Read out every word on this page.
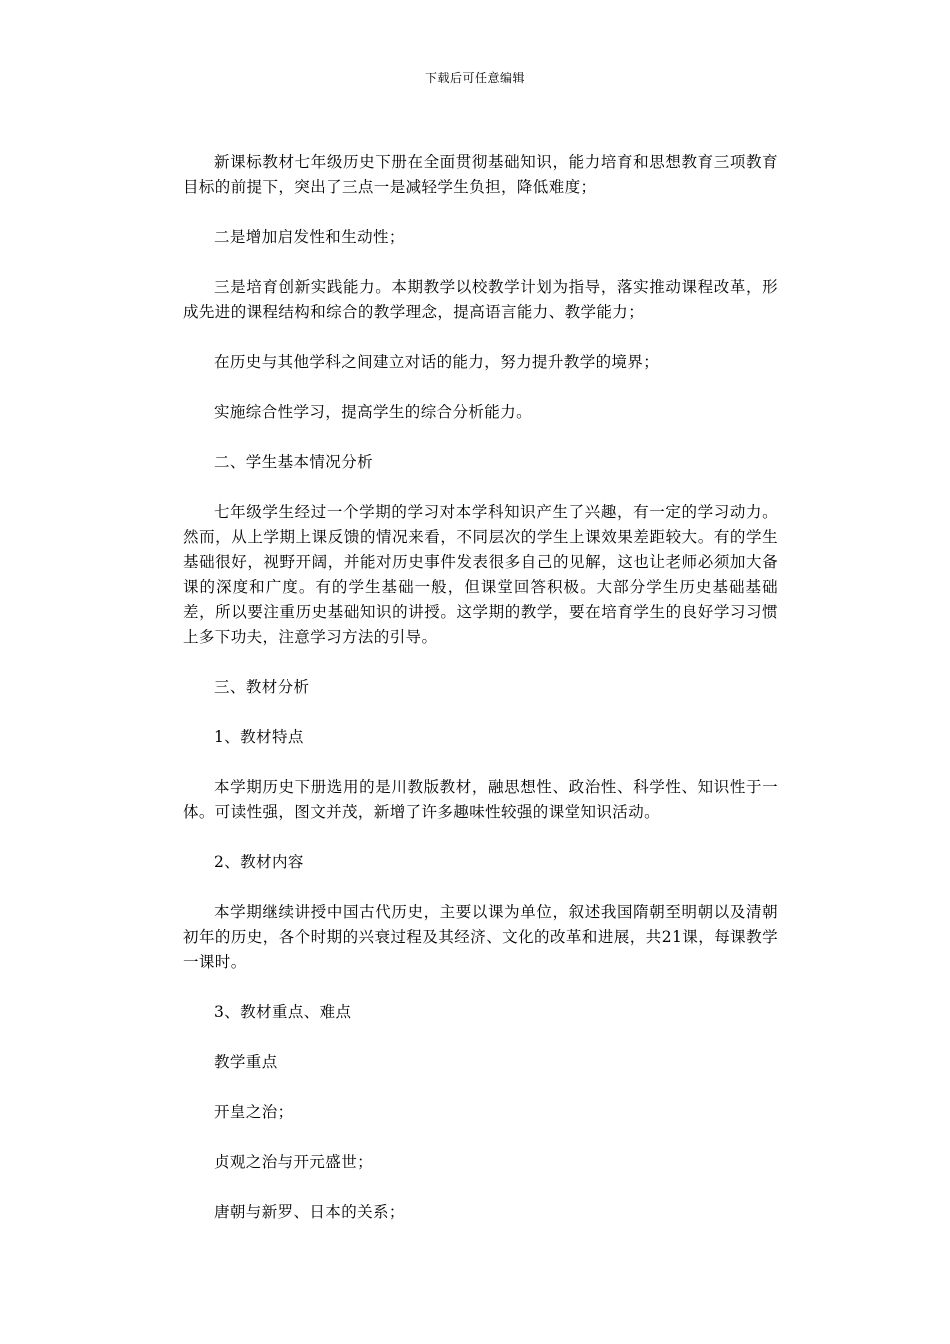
下载后可任意编辑

新课标教材七年级历史下册在全面贯彻基础知识，能力培育和思想教育三项教育目标的前提下，突出了三点一是减轻学生负担，降低难度；

二是增加启发性和生动性；

三是培育创新实践能力。本期教学以校教学计划为指导，落实推动课程改革，形成先进的课程结构和综合的教学理念，提高语言能力、教学能力；

在历史与其他学科之间建立对话的能力，努力提升教学的境界；

实施综合性学习，提高学生的综合分析能力。

二、学生基本情况分析

七年级学生经过一个学期的学习对本学科知识产生了兴趣，有一定的学习动力。然而，从上学期上课反馈的情况来看，不同层次的学生上课效果差距较大。有的学生基础很好，视野开阔，并能对历史事件发表很多自己的见解，这也让老师必须加大备课的深度和广度。有的学生基础一般，但课堂回答积极。大部分学生历史基础基础差，所以要注重历史基础知识的讲授。这学期的教学，要在培育学生的良好学习习惯上多下功夫，注意学习方法的引导。

三、教材分析

1、教材特点

本学期历史下册选用的是川教版教材，融思想性、政治性、科学性、知识性于一体。可读性强，图文并茂，新增了许多趣味性较强的课堂知识活动。

2、教材内容

本学期继续讲授中国古代历史，主要以课为单位，叙述我国隋朝至明朝以及清朝初年的历史，各个时期的兴衰过程及其经济、文化的改革和进展，共21课，每课教学一课时。

3、教材重点、难点

教学重点

开皇之治；

贞观之治与开元盛世；

唐朝与新罗、日本的关系；
